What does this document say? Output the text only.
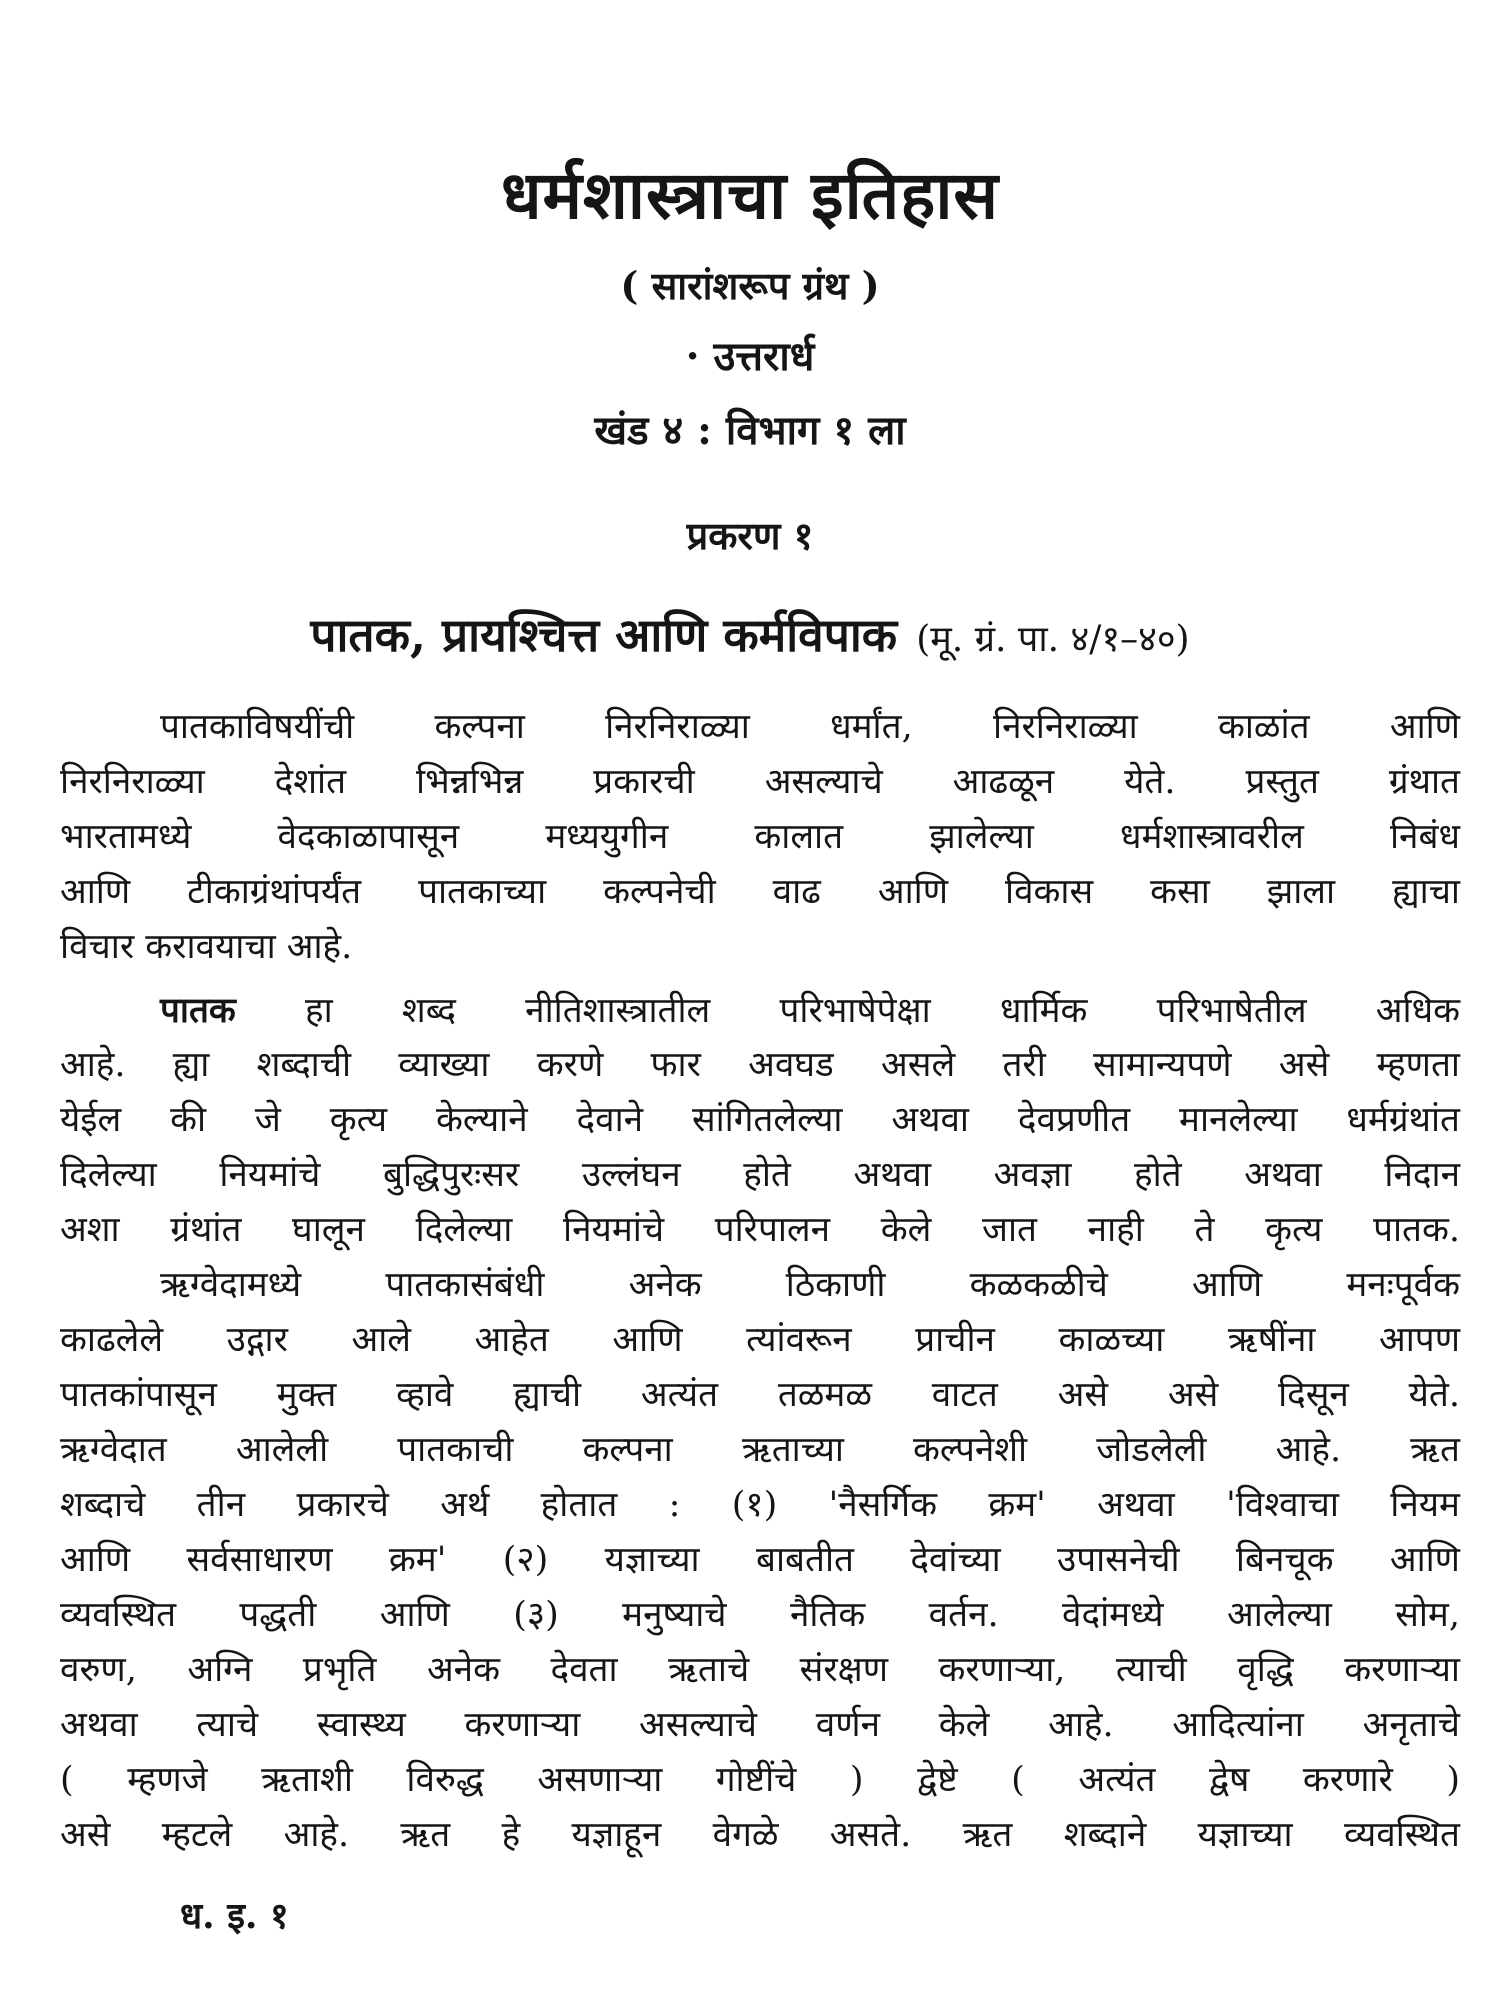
धर्मशास्त्राचा इतिहास
( सारांशरूप ग्रंथ )
· उत्तरार्ध
खंड ४ : विभाग १ ला
प्रकरण १
पातक, प्रायश्चित्त आणि कर्मविपाक (मू. ग्रं. पा. ४/१–४०)
पातकाविषयींची कल्पना निरनिराळ्या धर्मांत, निरनिराळ्या काळांत आणि
निरनिराळ्या देशांत भिन्नभिन्न प्रकारची असल्याचे आढळून येते. प्रस्तुत ग्रंथात
भारतामध्ये वेदकाळापासून मध्ययुगीन कालात झालेल्या धर्मशास्त्रावरील निबंध
आणि टीकाग्रंथांपर्यंत पातकाच्या कल्पनेची वाढ आणि विकास कसा झाला ह्याचा
विचार करावयाचा आहे.
पातक हा शब्द नीतिशास्त्रातील परिभाषेपेक्षा धार्मिक परिभाषेतील अधिक
आहे. ह्या शब्दाची व्याख्या करणे फार अवघड असले तरी सामान्यपणे असे म्हणता
येईल की जे कृत्य केल्याने देवाने सांगितलेल्या अथवा देवप्रणीत मानलेल्या धर्मग्रंथांत
दिलेल्या नियमांचे बुद्धिपुरःसर उल्लंघन होते अथवा अवज्ञा होते अथवा निदान
अशा ग्रंथांत घालून दिलेल्या नियमांचे परिपालन केले जात नाही ते कृत्य पातक.
ऋग्वेदामध्ये पातकासंबंधी अनेक ठिकाणी कळकळीचे आणि मनःपूर्वक
काढलेले उद्गार आले आहेत आणि त्यांवरून प्राचीन काळच्या ऋषींना आपण
पातकांपासून मुक्त व्हावे ह्याची अत्यंत तळमळ वाटत असे असे दिसून येते.
ऋग्वेदात आलेली पातकाची कल्पना ऋताच्या कल्पनेशी जोडलेली आहे. ऋत
शब्दाचे तीन प्रकारचे अर्थ होतात : (१) 'नैसर्गिक क्रम' अथवा 'विश्वाचा नियम
आणि सर्वसाधारण क्रम' (२) यज्ञाच्या बाबतीत देवांच्या उपासनेची बिनचूक आणि
व्यवस्थित पद्धती आणि (३) मनुष्याचे नैतिक वर्तन. वेदांमध्ये आलेल्या सोम,
वरुण, अग्नि प्रभृति अनेक देवता ऋताचे संरक्षण करणाऱ्या, त्याची वृद्धि करणाऱ्या
अथवा त्याचे स्वास्थ्य करणाऱ्या असल्याचे वर्णन केले आहे. आदित्यांना अनृताचे
( म्हणजे ऋताशी विरुद्ध असणाऱ्या गोष्टींचे ) द्वेष्टे ( अत्यंत द्वेष करणारे )
असे म्हटले आहे. ऋत हे यज्ञाहून वेगळे असते. ऋत शब्दाने यज्ञाच्या व्यवस्थित
ध. इ. १
